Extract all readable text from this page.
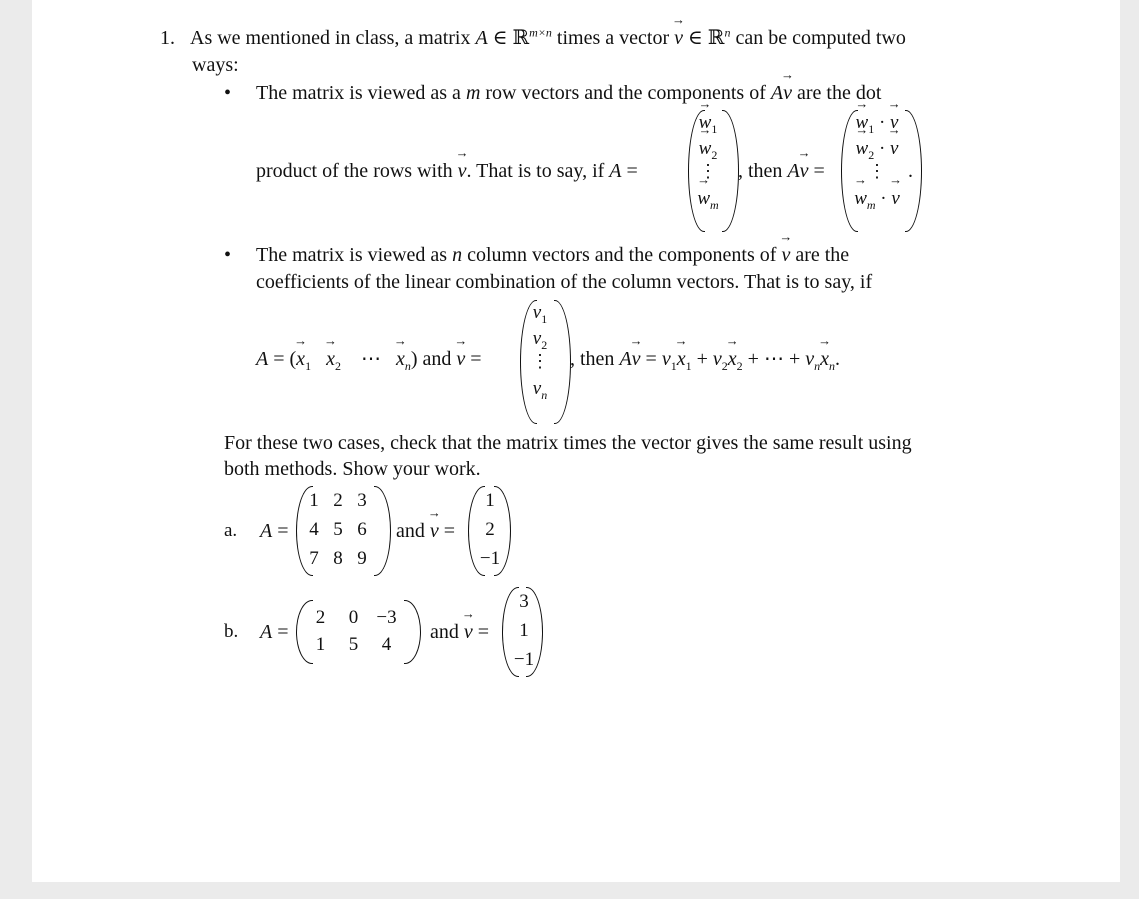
1. As we mentioned in class, a matrix A ∈ ℝ$^{m\times n}$ times a vector → v ∈ ℝ$^n$ can be computed two
ways:
• The matrix is viewed as a m row vectors and the components of A→ v are the dot
product of the rows with → v. That is to say, if A =
→ $w_1$
→ $w_2$
⋮
→ $w_m$
, then A→ v =
→ $w_1$ · → v
→ $w_2$ · → v
⋮
→ $w_m$ · → v
.
• The matrix is viewed as n column vectors and the components of → v are the
coefficients of the linear combination of the column vectors. That is to say, if
A = (→ $x_1 \to x_2$    ⋯   → $x_n$) and → v =
$v_1$
$v_2$
⋮
$v_n$
, then $A\to v = v_1\to x_1 + v_2\to x_2$ + ⋯ + $v_n\to x_n$.
For these two cases, check that the matrix times the vector gives the same result using
both methods. Show your work.
a. A =
1 2 3
4 5 6
7 8 9
and → v =
1
2
−1
b. A =
2	0 −3
1	5	4
and → v =
3
1
−1
